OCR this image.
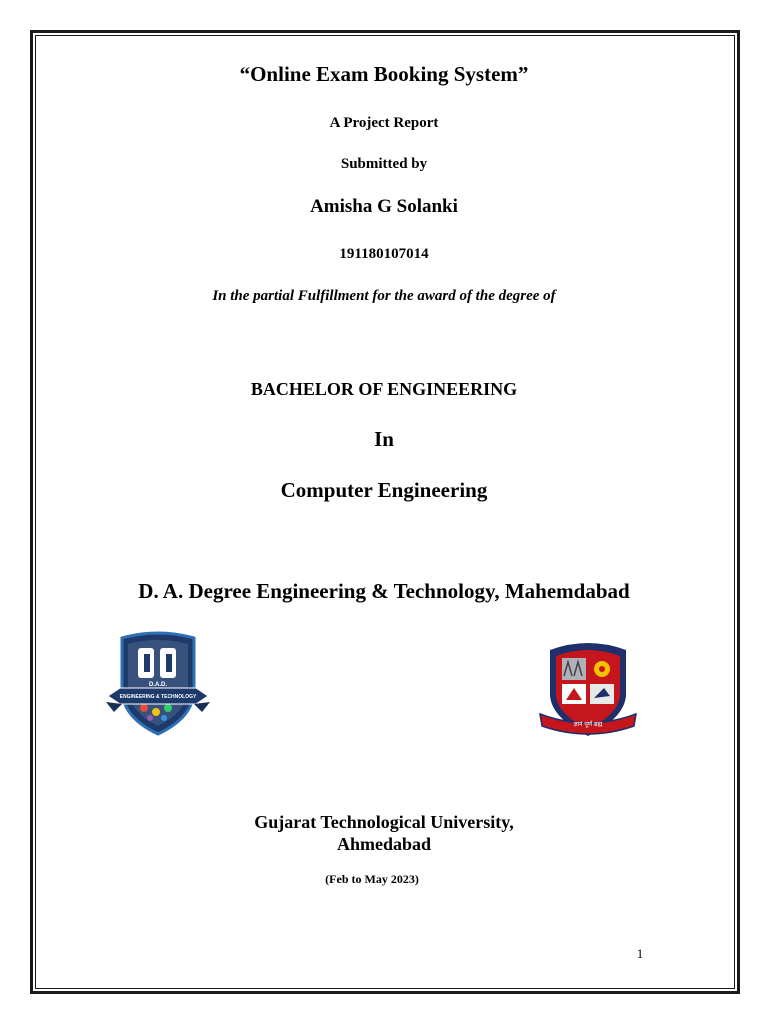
“Online Exam Booking System”
A Project Report
Submitted by
Amisha G Solanki
191180107014
In the partial Fulfillment for the award of the degree of
BACHELOR OF ENGINEERING
In
Computer Engineering
D. A. Degree Engineering & Technology, Mahemdabad
D.A.D.
ENGINEERING & TECHNOLOGY
ज्ञानं पूर्णं ब्रह्म
Gujarat Technological University,
Ahmedabad
(Feb to May 2023)
1
